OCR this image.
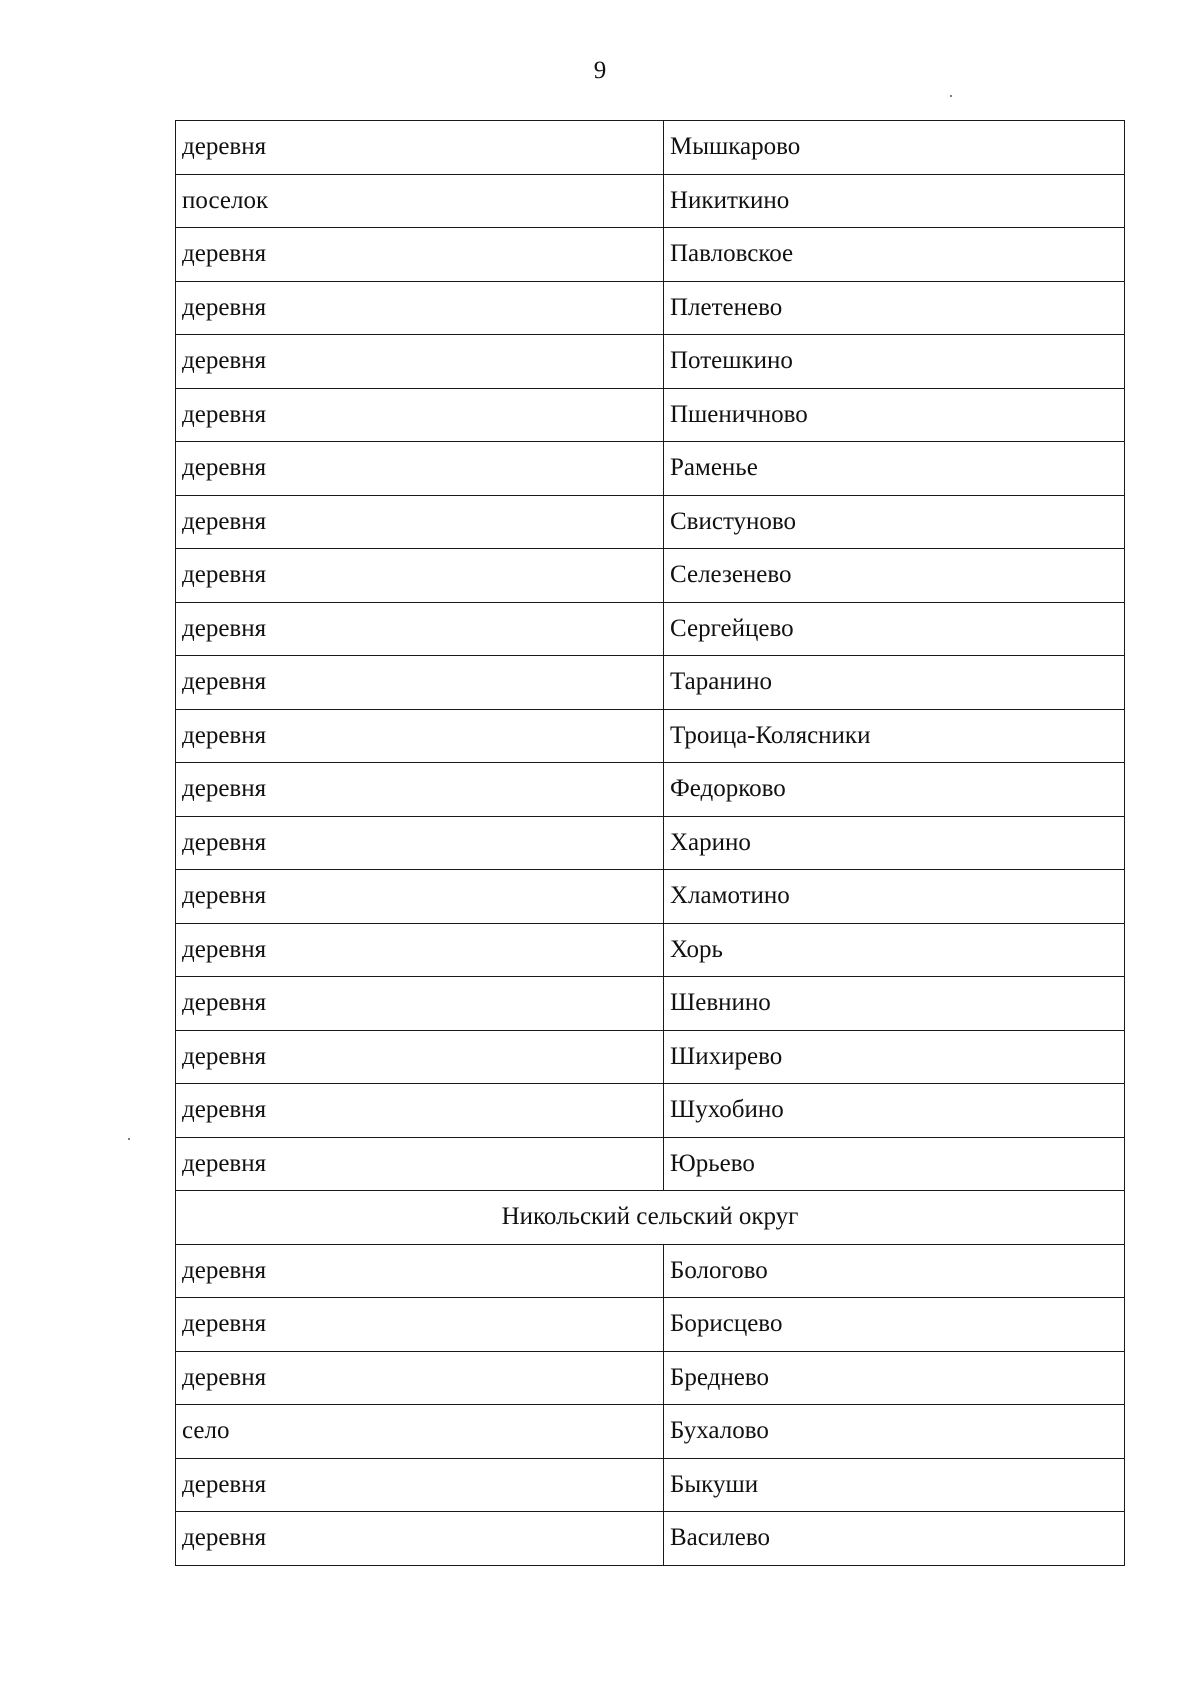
9
деревня	Мышкарово
поселок	Никиткино
деревня	Павловское
деревня	Плетенево
деревня	Потешкино
деревня	Пшеничново
деревня	Раменье
деревня	Свистуново
деревня	Селезенево
деревня	Сергейцево
деревня	Таранино
деревня	Троица-Колясники
деревня	Федорково
деревня	Харино
деревня	Хламотино
деревня	Хорь
деревня	Шевнино
деревня	Шихирево
деревня	Шухобино
деревня	Юрьево
Никольский сельский округ	
деревня	Бологово
деревня	Борисцево
деревня	Бреднево
село	Бухалово
деревня	Быкуши
деревня	Василево
